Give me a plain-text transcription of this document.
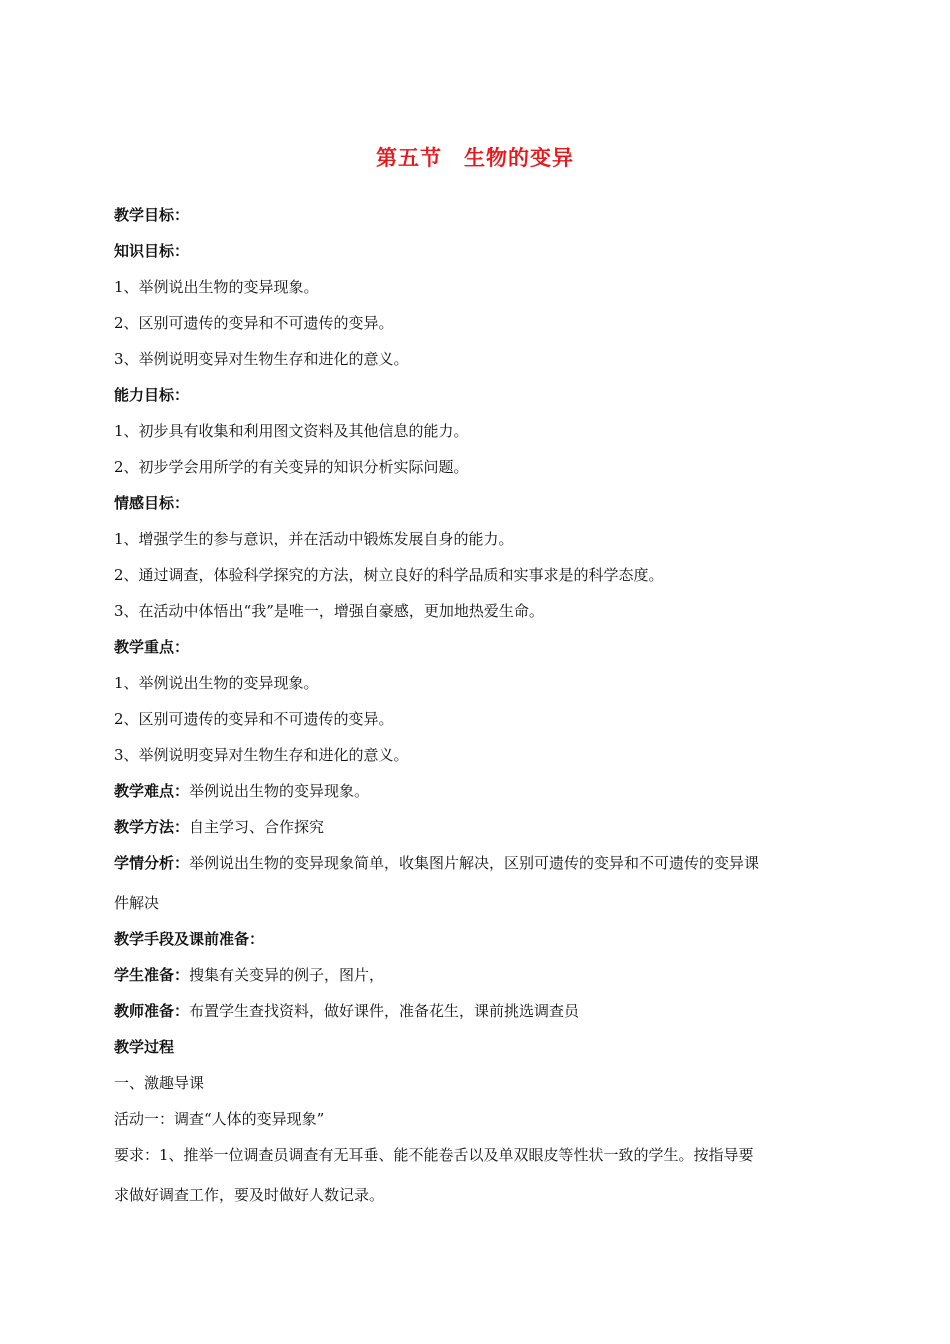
第五节 生物的变异
教学目标：
知识目标：
1、举例说出生物的变异现象。
2、区别可遗传的变异和不可遗传的变异。
3、举例说明变异对生物生存和进化的意义。
能力目标：
1、初步具有收集和利用图文资料及其他信息的能力。
2、初步学会用所学的有关变异的知识分析实际问题。
情感目标：
1、增强学生的参与意识，并在活动中锻炼发展自身的能力。
2、通过调查，体验科学探究的方法，树立良好的科学品质和实事求是的科学态度。
3、在活动中体悟出“我”是唯一，增强自豪感，更加地热爱生命。
教学重点：
1、举例说出生物的变异现象。
2、区别可遗传的变异和不可遗传的变异。
3、举例说明变异对生物生存和进化的意义。
教学难点：举例说出生物的变异现象。
教学方法：自主学习、合作探究
学情分析：举例说出生物的变异现象简单，收集图片解决，区别可遗传的变异和不可遗传的变异课
件解决
教学手段及课前准备：
学生准备：搜集有关变异的例子，图片，
教师准备：布置学生查找资料，做好课件，准备花生，课前挑选调查员
教学过程
一、激趣导课
活动一：调查“人体的变异现象”
要求：1、推举一位调查员调查有无耳垂、能不能卷舌以及单双眼皮等性状一致的学生。按指导要
求做好调查工作，要及时做好人数记录。
